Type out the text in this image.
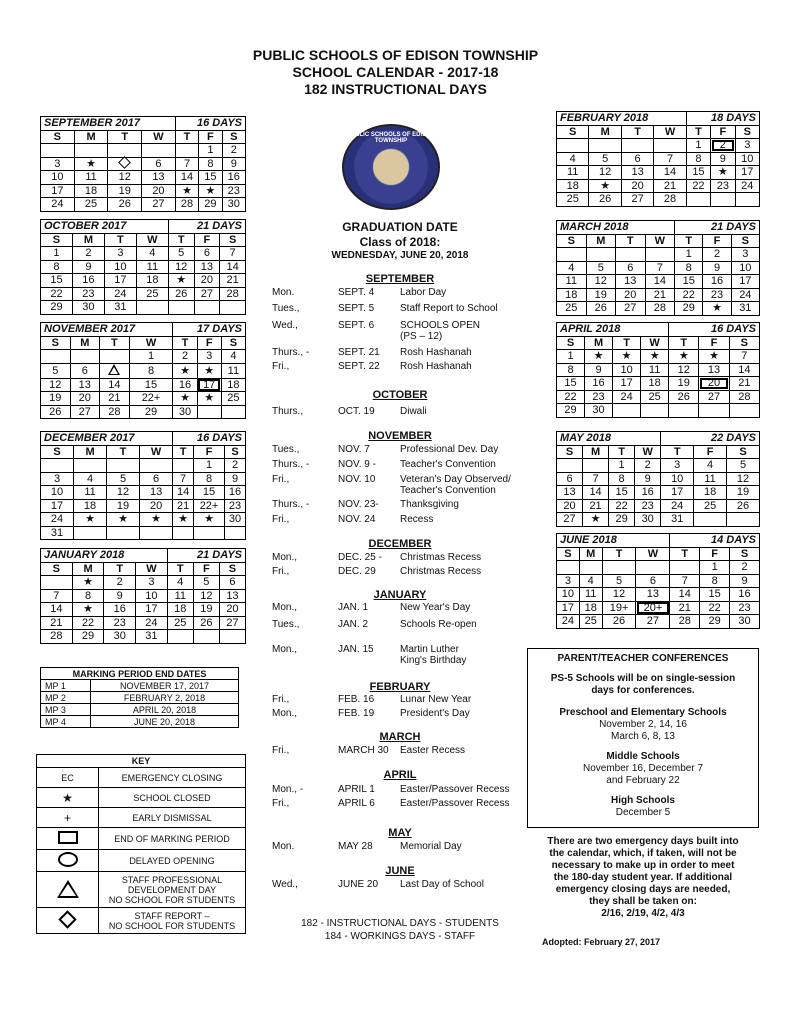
PUBLIC SCHOOLS OF EDISON TOWNSHIP
SCHOOL CALENDAR - 2017-18
182 INSTRUCTIONAL DAYS
SEPTEMBER 2017				16 DAYS		
S	M	T	W	T	F	S
					1	2
3	★		6	7	8	9
10	11	12	13	14	15	16
17	18	19	20	★	★	23
24	25	26	27	28	29	30
OCTOBER 2017				21 DAYS		
S	M	T	W	T	F	S
1	2	3	4	5	6	7
8	9	10	11	12	13	14
15	16	17	18	★	20	21
22	23	24	25	26	27	28
29	30	31				
NOVEMBER 2017				17 DAYS		
S	M	T	W	T	F	S
			1	2	3	4
5	6		8	★	★	11
12	13	14	15	16	17	18
19	20	21	22+	★	★	25
26	27	28	29	30		
DECEMBER 2017				16 DAYS		
S	M	T	W	T	F	S
					1	2
3	4	5	6	7	8	9
10	11	12	13	14	15	16
17	18	19	20	21	22+	23
24	★	★	★	★	★	30
31						
JANUARY 2018				21 DAYS		
S	M	T	W	T	F	S
	★	2	3	4	5	6
7	8	9	10	11	12	13
14	★	16	17	18	19	20
21	22	23	24	25	26	27
28	29	30	31			
FEBRUARY 2018				18 DAYS		
S	M	T	W	T	F	S
				1	2	3
4	5	6	7	8	9	10
11	12	13	14	15	★	17
18	★	20	21	22	23	24
25	26	27	28			
MARCH 2018				21 DAYS		
S	M	T	W	T	F	S
				1	2	3
4	5	6	7	8	9	10
11	12	13	14	15	16	17
18	19	20	21	22	23	24
25	26	27	28	29	★	31
APRIL 2018				16 DAYS		
S	M	T	W	T	F	S
1	★	★	★	★	★	7
8	9	10	11	12	13	14
15	16	17	18	19	20	21
22	23	24	25	26	27	28
29	30					
MAY 2018				22 DAYS		
S	M	T	W	T	F	S
		1	2	3	4	5
6	7	8	9	10	11	12
13	14	15	16	17	18	19
20	21	22	23	24	25	26
27	★	29	30	31		
JUNE 2018				14 DAYS		
S	M	T	W	T	F	S
					1	2
3	4	5	6	7	8	9
10	11	12	13	14	15	16
17	18	19+	20+	21	22	23
24	25	26	27	28	29	30
PUBLIC SCHOOLS OF EDISON TOWNSHIP
GRADUATION DATE
Class of 2018:
WEDNESDAY, JUNE 20, 2018
SEPTEMBER
Mon.	SEPT. 4	Labor Day
Tues.,	SEPT. 5	Staff Report to School
Wed.,	SEPT. 6	SCHOOLS OPEN
(PS – 12)
Thurs., -	SEPT. 21 Rosh Hashanah
Fri.,	SEPT. 22 Rosh Hashanah
OCTOBER
Thurs.,	OCT. 19	Diwali
NOVEMBER
Tues.,	NOV. 7	Professional Dev. Day
Thurs., -	NOV. 9 - Teacher's Convention
Fri.,	NOV. 10 Veteran's Day Observed/
Teacher's Convention
Thurs., -	NOV. 23- Thanksgiving
Fri.,	NOV. 24 Recess
DECEMBER
Mon.,	DEC. 25 - Christmas Recess
Fri.,	DEC. 29 Christmas Recess
JANUARY
Mon.,	JAN. 1	New Year's Day
Tues.,	JAN. 2	Schools Re-open
Mon.,	JAN. 15	Martin Luther
King's Birthday
FEBRUARY
Fri.,	FEB. 16	Lunar New Year
Mon.,	FEB. 19	President's Day
MARCH
Fri.,	MARCH 30 Easter Recess
APRIL
Mon., -	APRIL 1	Easter/Passover Recess
Fri.,	APRIL 6	Easter/Passover Recess
MAY
Mon.	MAY 28	Memorial Day
JUNE
Wed.,	JUNE 20 Last Day of School
182 - INSTRUCTIONAL DAYS - STUDENTS
184 - WORKINGS DAYS - STAFF
MARKING PERIOD END DATES	
MP 1	NOVEMBER 17, 2017
MP 2	FEBRUARY 2, 2018
MP 3	APRIL 20, 2018
MP 4	JUNE 20, 2018
KEY	
EC	EMERGENCY CLOSING
★	SCHOOL CLOSED
+	EARLY DISMISSAL
	END OF MARKING PERIOD
	DELAYED OPENING

	STAFF PROFESSIONAL
DEVELOPMENT DAY
NO SCHOOL FOR STUDENTS

	STAFF REPORT –
NO SCHOOL FOR STUDENTS
PARENT/TEACHER CONFERENCES
PS-5 Schools will be on single-session
days for conferences.
Preschool and Elementary Schools
November 2, 14, 16
March 6, 8, 13
Middle Schools
November 16, December 7
and February 22
High Schools
December 5
There are two emergency days built into
the calendar, which, if taken, will not be
necessary to make up in order to meet
the 180-day student year. If additional
emergency closing days are needed,
they shall be taken on:
2/16, 2/19, 4/2, 4/3
Adopted: February 27, 2017
